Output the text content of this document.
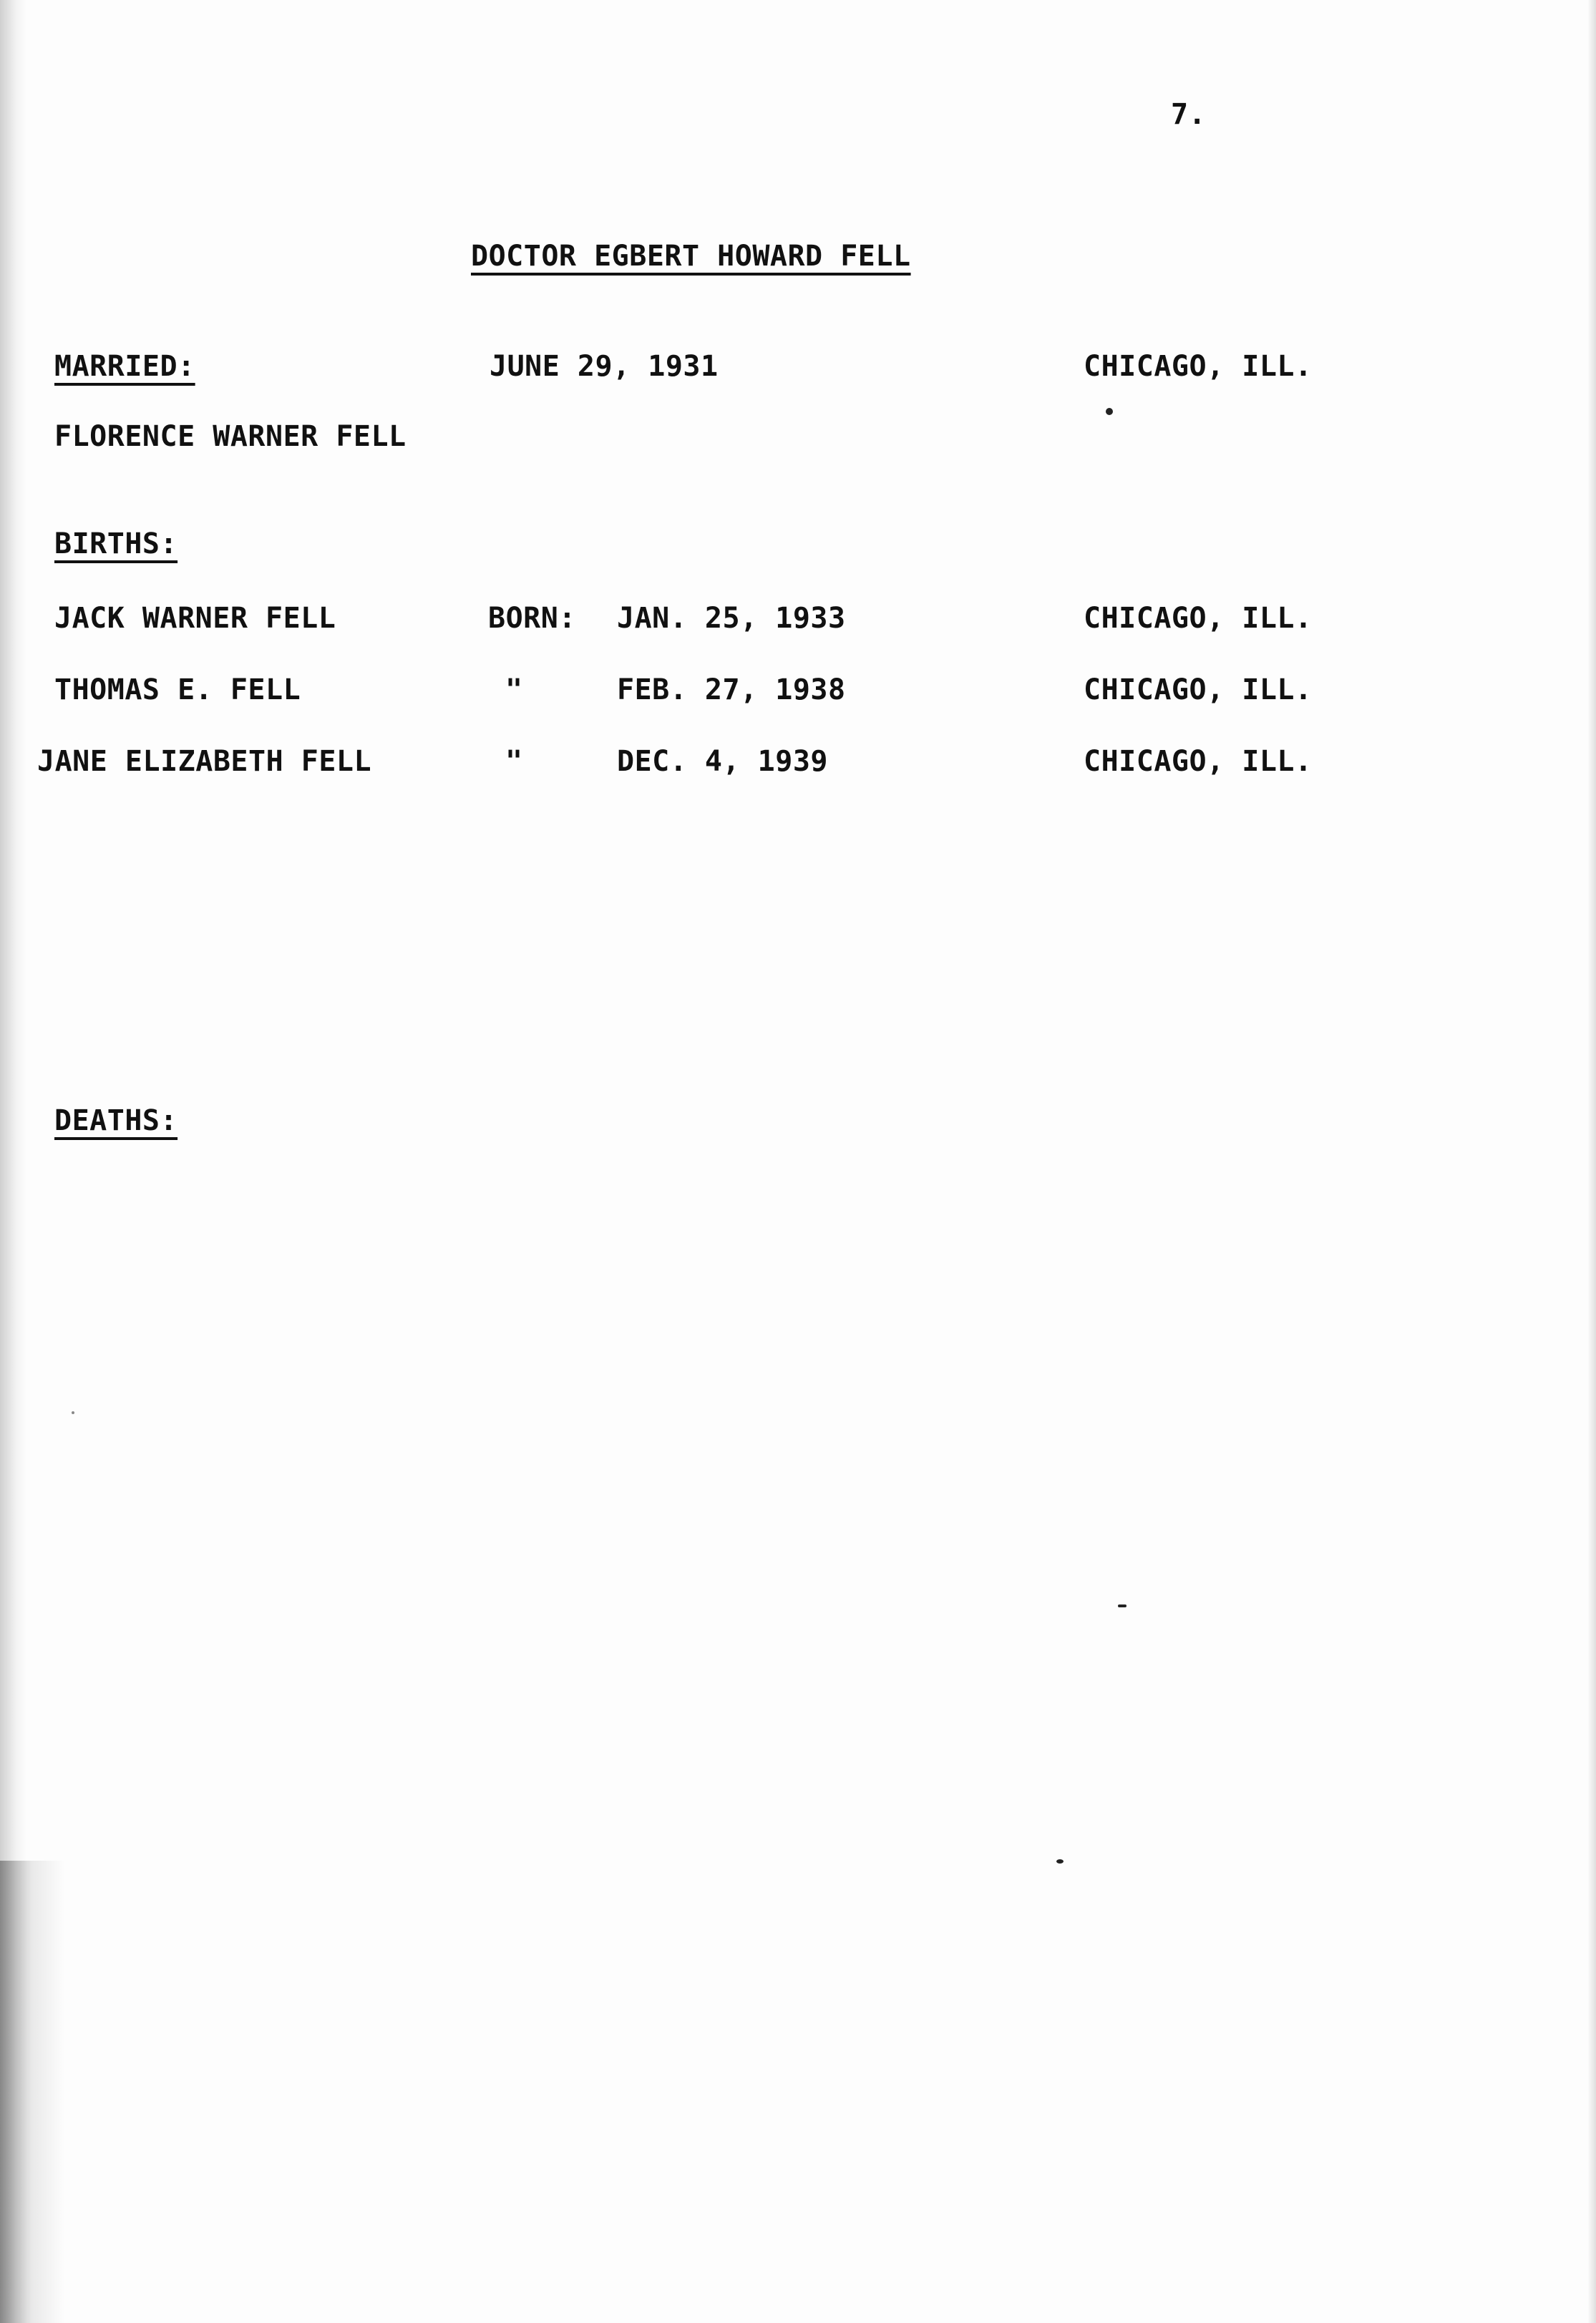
7.
DOCTOR EGBERT HOWARD FELL
MARRIED:	JUNE 29, 1931	CHICAGO, ILL.
FLORENCE WARNER FELL
BIRTHS:
JACK WARNER FELL	BORN: JAN. 25, 1933	CHICAGO, ILL.
THOMAS E. FELL	"	FEB. 27, 1938	CHICAGO, ILL.
JANE ELIZABETH FELL	"	DEC. 4, 1939	CHICAGO, ILL.
DEATHS:
